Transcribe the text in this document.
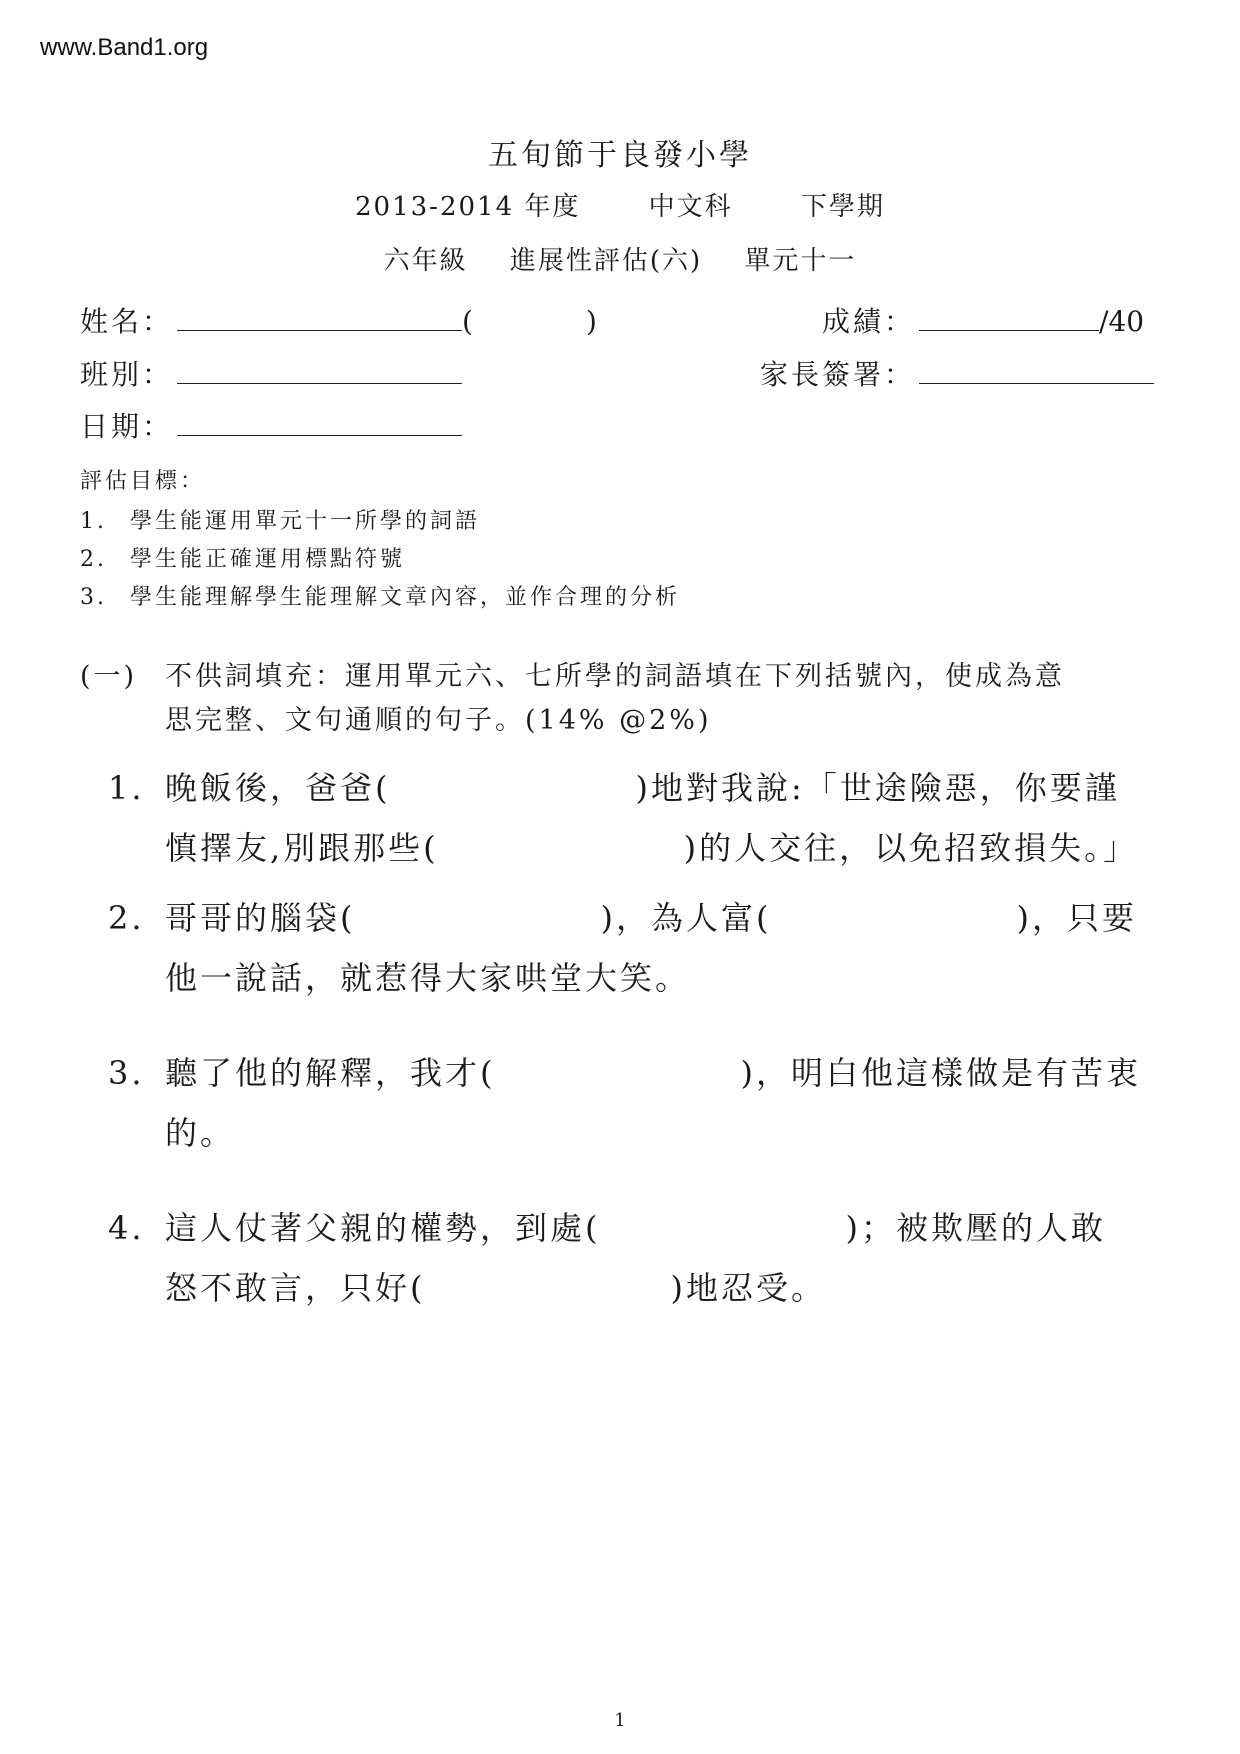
www.Band1.org
五旬節于良發小學
2013-2014 年度	中文科	下學期
六年級 進展性評估(六) 單元十一
姓名：	(	)	成績：	/40
班別：	家長簽署：
日期：
評估目標：
1. 學生能運用單元十一所學的詞語
2. 學生能正確運用標點符號
3. 學生能理解學生能理解文章內容，並作合理的分析
(一) 不供詞填充：運用單元六、七所學的詞語填在下列括號內，使成為意
思完整、文句通順的句子。(14% @2%)
1. 晚飯後，爸爸(　　　　　　　)地對我說:「世途險惡，你要謹
慎擇友,別跟那些(　　　　　　　)的人交往，以免招致損失。」
2. 哥哥的腦袋(　　　　　　　)，為人富(　　　　　　　)，只要
他一說話，就惹得大家哄堂大笑。
3. 聽了他的解釋，我才(　　　　　　　)，明白他這樣做是有苦衷
的。
4. 這人仗著父親的權勢，到處(　　　　　　　)；被欺壓的人敢
怒不敢言，只好(　　　　　　　)地忍受。
1
